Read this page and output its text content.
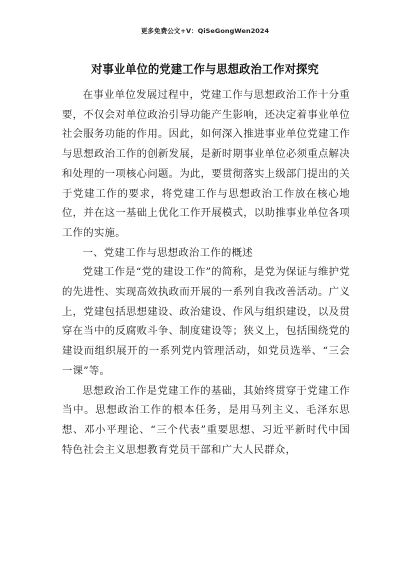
更多免费公文+V：QiSeGongWen2024
对事业单位的党建工作与思想政治工作对探究

在事业单位发展过程中，党建工作与思想政治工作十分重要，不仅会对单位政治引导功能产生影响，还决定着事业单位社会服务功能的作用。因此，如何深入推进事业单位党建工作与思想政治工作的创新发展，是新时期事业单位必须重点解决和处理的一项核心问题。为此，要贯彻落实上级部门提出的关于党建工作的要求，将党建工作与思想政治工作放在核心地位，并在这一基础上优化工作开展模式，以助推事业单位各项工作的实施。

一、党建工作与思想政治工作的概述

党建工作是“党的建设工作”的简称，是党为保证与维护党的先进性、实现高效执政而开展的一系列自我改善活动。广义上，党建包括思想建设、政治建设、作风与组织建设，以及贯穿在当中的反腐败斗争、制度建设等；狭义上，包括围绕党的建设而组织展开的一系列党内管理活动，如党员选举、“三会一课”等。

思想政治工作是党建工作的基础，其始终贯穿于党建工作当中。思想政治工作的根本任务，是用马列主义、毛泽东思想、邓小平理论、“三个代表”重要思想、习近平新时代中国特色社会主义思想教育党员干部和广大人民群众，
